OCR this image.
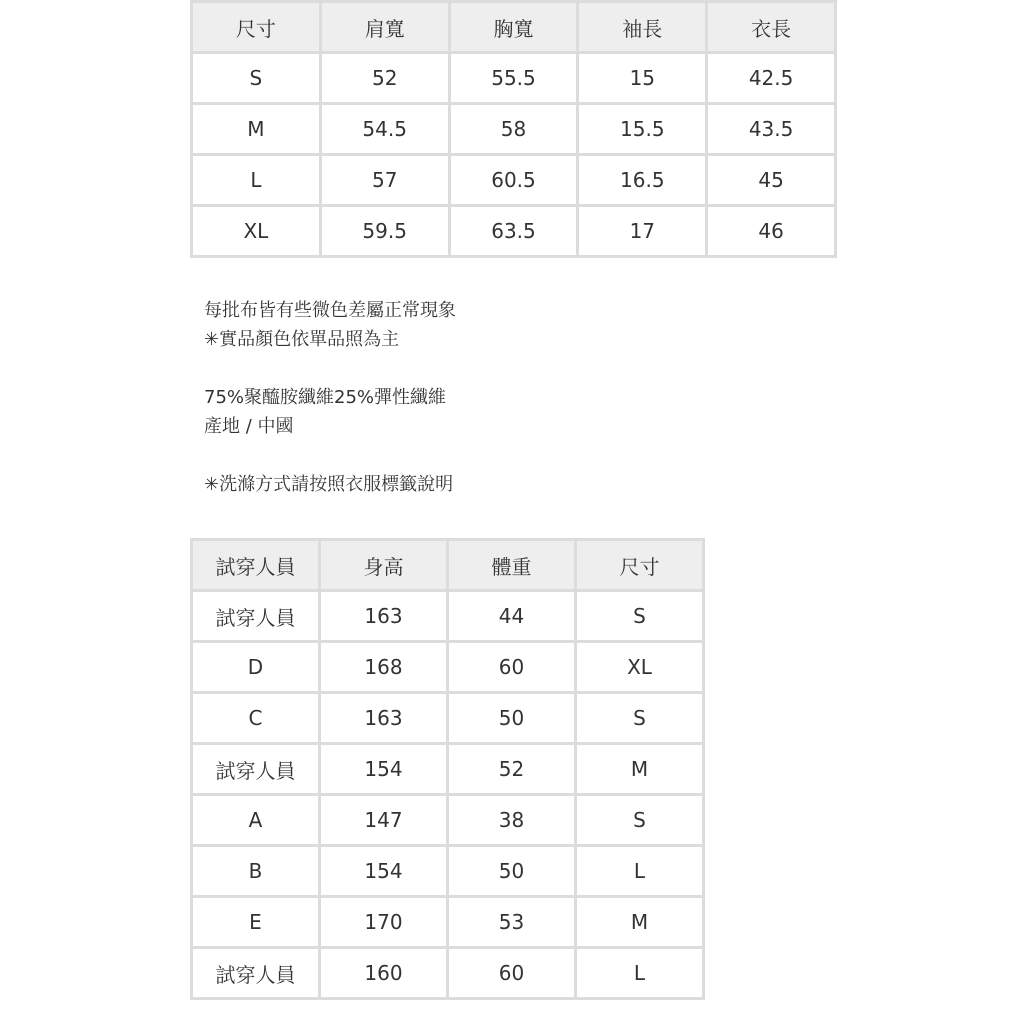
尺寸	肩寬	胸寬	袖長	衣長
S	52	55.5	15	42.5
M	54.5	58	15.5	43.5
L	57	60.5	16.5	45
XL	59.5	63.5	17	46
每批布皆有些微色差屬正常現象
✳實品顏色依單品照為主
75%聚醯胺纖維25%彈性纖維
產地 / 中國
✳洗滌方式請按照衣服標籤說明
試穿人員	身高	體重	尺寸
試穿人員	163	44	S
D	168	60	XL
C	163	50	S
試穿人員	154	52	M
A	147	38	S
B	154	50	L
E	170	53	M
試穿人員	160	60	L
